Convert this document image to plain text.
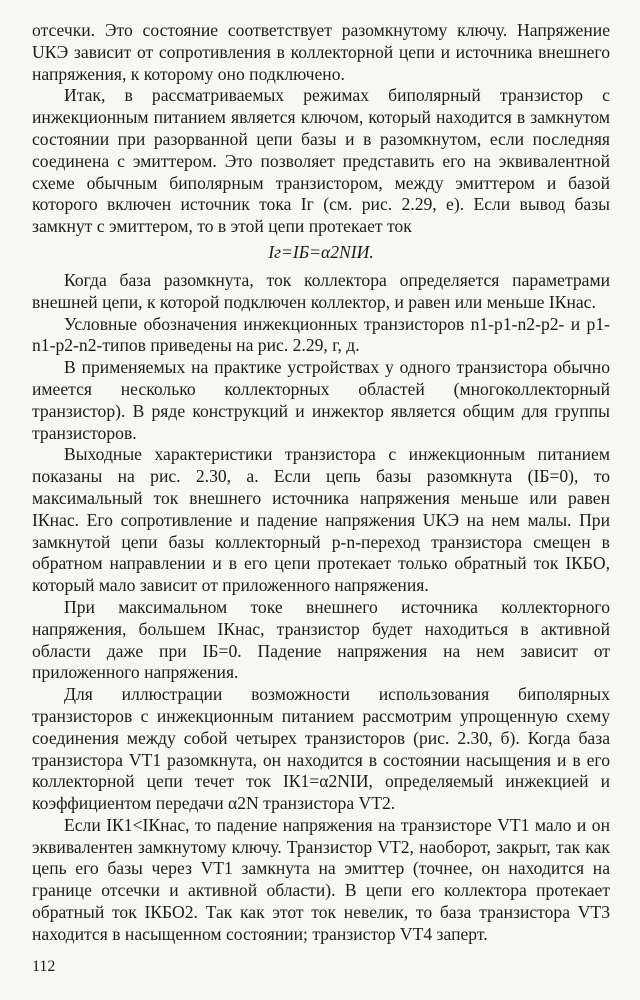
отсечки. Это состояние соответствует разомкнутому ключу. Напряжение UКЭ зависит от сопротивления в коллекторной цепи и источника внешнего напряжения, к которому оно подключено.

Итак, в рассматриваемых режимах биполярный транзистор с инжекционным питанием является ключом, который находится в замкнутом состоянии при разорванной цепи базы и в разомкнутом, если последняя соединена с эмиттером. Это позволяет представить его на эквивалентной схеме обычным биполярным транзистором, между эмиттером и базой которого включен источник тока Iг (см. рис. 2.29, е). Если вывод базы замкнут с эмиттером, то в этой цепи протекает ток

Iг=IБ=α2NIИ.

Когда база разомкнута, ток коллектора определяется параметрами внешней цепи, к которой подключен коллектор, и равен или меньше IКнас.

Условные обозначения инжекционных транзисторов n1-p1-n2-p2- и p1-n1-p2-n2-типов приведены на рис. 2.29, г, д.

В применяемых на практике устройствах у одного транзистора обычно имеется несколько коллекторных областей (многоколлекторный транзистор). В ряде конструкций и инжектор является общим для группы транзисторов.

Выходные характеристики транзистора с инжекционным питанием показаны на рис. 2.30, а. Если цепь базы разомкнута (IБ=0), то максимальный ток внешнего источника напряжения меньше или равен IКнас. Его сопротивление и падение напряжения UКЭ на нем малы. При замкнутой цепи базы коллекторный p-n-переход транзистора смещен в обратном направлении и в его цепи протекает только обратный ток IКБО, который мало зависит от приложенного напряжения.

При максимальном токе внешнего источника коллекторного напряжения, большем IКнас, транзистор будет находиться в активной области даже при IБ=0. Падение напряжения на нем зависит от приложенного напряжения.

Для иллюстрации возможности использования биполярных транзисторов с инжекционным питанием рассмотрим упрощенную схему соединения между собой четырех транзисторов (рис. 2.30, б). Когда база транзистора VT1 разомкнута, он находится в состоянии насыщения и в его коллекторной цепи течет ток IК1=α2NIИ, определяемый инжекцией и коэффициентом передачи α2N транзистора VT2.

Если IК1<IКнас, то падение напряжения на транзисторе VT1 мало и он эквивалентен замкнутому ключу. Транзистор VT2, наоборот, закрыт, так как цепь его базы через VT1 замкнута на эмиттер (точнее, он находится на границе отсечки и активной области). В цепи его коллектора протекает обратный ток IКБО2. Так как этот ток невелик, то база транзистора VT3 находится в насыщенном состоянии; транзистор VT4 заперт.

112
